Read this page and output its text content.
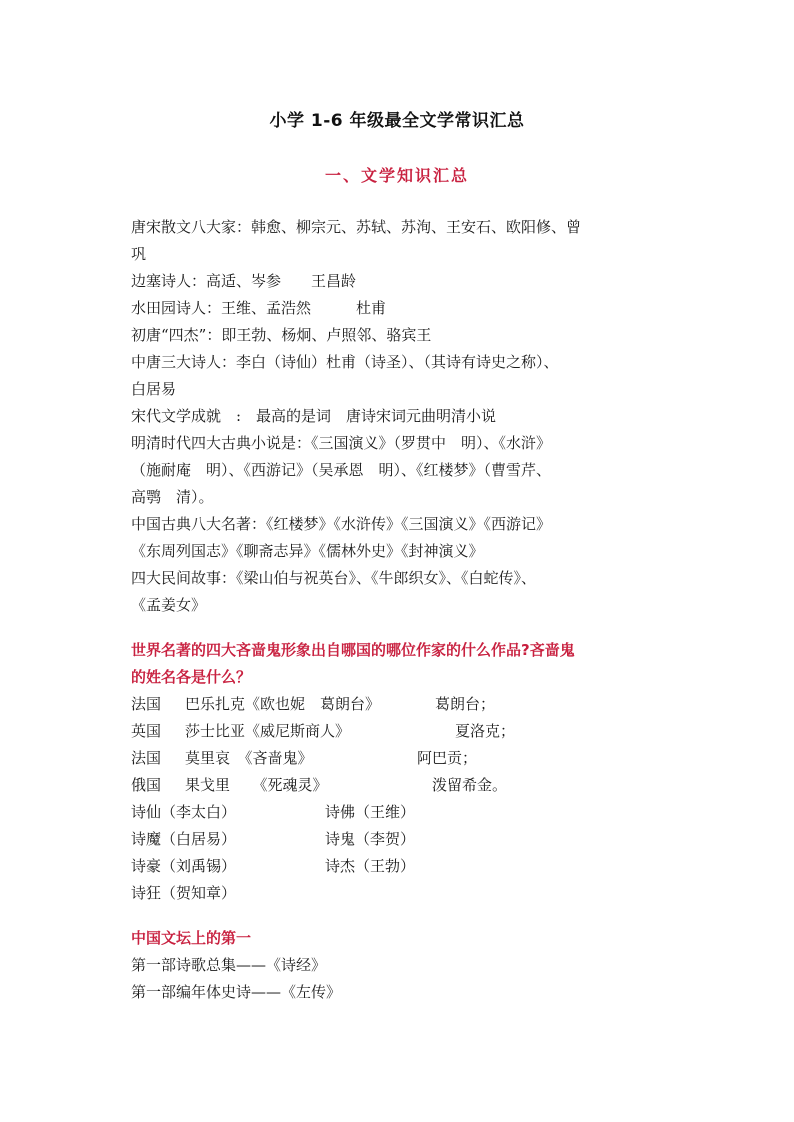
小学 1-6 年级最全文学常识汇总
一、文学知识汇总
唐宋散文八大家：韩愈、柳宗元、苏轼、苏洵、王安石、欧阳修、曾
巩
边塞诗人：高适、岑参　　王昌龄
水田园诗人：王维、孟浩然　　　杜甫
初唐“四杰”：即王勃、杨炯、卢照邻、骆宾王
中唐三大诗人：李白（诗仙）杜甫（诗圣）、（其诗有诗史之称）、
白居易
宋代文学成就　:　最高的是词　唐诗宋词元曲明清小说
明清时代四大古典小说是：《三国演义》（罗贯中　明）、《水浒》
（施耐庵　明）、《西游记》（吴承恩　明）、《红楼梦》（曹雪芹、
高鹗　清）。
中国古典八大名著：《红楼梦》《水浒传》《三国演义》《西游记》
《东周列国志》《聊斋志异》《儒林外史》《封神演义》
四大民间故事：《梁山伯与祝英台》、《牛郎织女》、《白蛇传》、
《孟姜女》
世界名著的四大吝啬鬼形象出自哪国的哪位作家的什么作品?吝啬鬼
的姓名各是什么？
法国	巴乐扎克《欧也妮　葛朗台》	葛朗台；
英国	莎士比亚《威尼斯商人》	夏洛克；
法国	莫里哀　《吝啬鬼》	阿巴贡；
俄国	果戈里　　《死魂灵》	泼留希金。
诗仙（李太白）	诗佛（王维）
诗魔（白居易）	诗鬼（李贺）
诗豪（刘禹锡）	诗杰（王勃）
诗狂（贺知章）
中国文坛上的第一
第一部诗歌总集——《诗经》
第一部编年体史诗——《左传》
